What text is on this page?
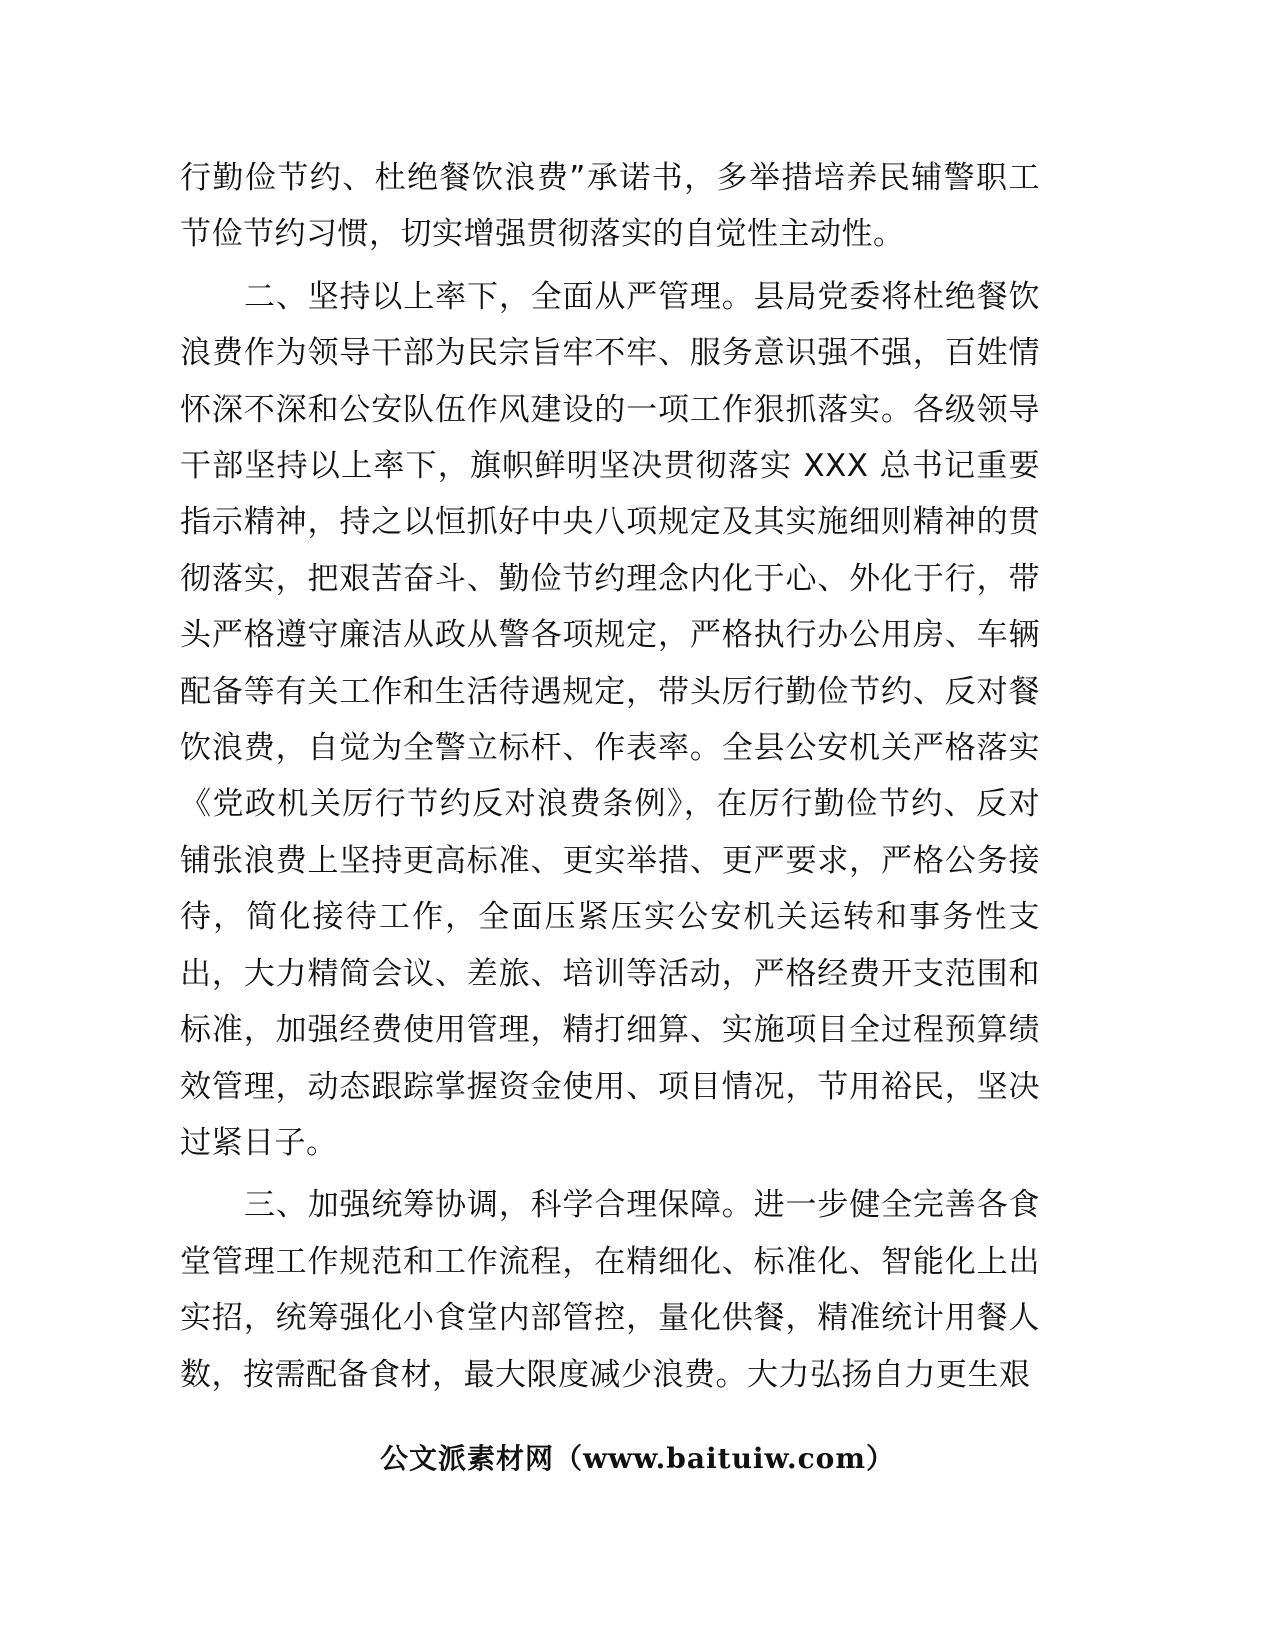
行勤俭节约、杜绝餐饮浪费”承诺书，多举措培养民辅警职工节俭节约习惯，切实增强贯彻落实的自觉性主动性。

二、坚持以上率下，全面从严管理。县局党委将杜绝餐饮浪费作为领导干部为民宗旨牢不牢、服务意识强不强，百姓情怀深不深和公安队伍作风建设的一项工作狠抓落实。各级领导干部坚持以上率下，旗帜鲜明坚决贯彻落实 XXX 总书记重要指示精神，持之以恒抓好中央八项规定及其实施细则精神的贯彻落实，把艰苦奋斗、勤俭节约理念内化于心、外化于行，带头严格遵守廉洁从政从警各项规定，严格执行办公用房、车辆配备等有关工作和生活待遇规定，带头厉行勤俭节约、反对餐饮浪费，自觉为全警立标杆、作表率。全县公安机关严格落实《党政机关厉行节约反对浪费条例》，在厉行勤俭节约、反对铺张浪费上坚持更高标准、更实举措、更严要求，严格公务接待，简化接待工作，全面压紧压实公安机关运转和事务性支出，大力精简会议、差旅、培训等活动，严格经费开支范围和标准，加强经费使用管理，精打细算、实施项目全过程预算绩效管理，动态跟踪掌握资金使用、项目情况，节用裕民，坚决过紧日子。

三、加强统筹协调，科学合理保障。进一步健全完善各食堂管理工作规范和工作流程，在精细化、标准化、智能化上出实招，统筹强化小食堂内部管控，量化供餐，精准统计用餐人数，按需配备食材，最大限度减少浪费。大力弘扬自力更生艰

公文派素材网（www.baituiw.com）
